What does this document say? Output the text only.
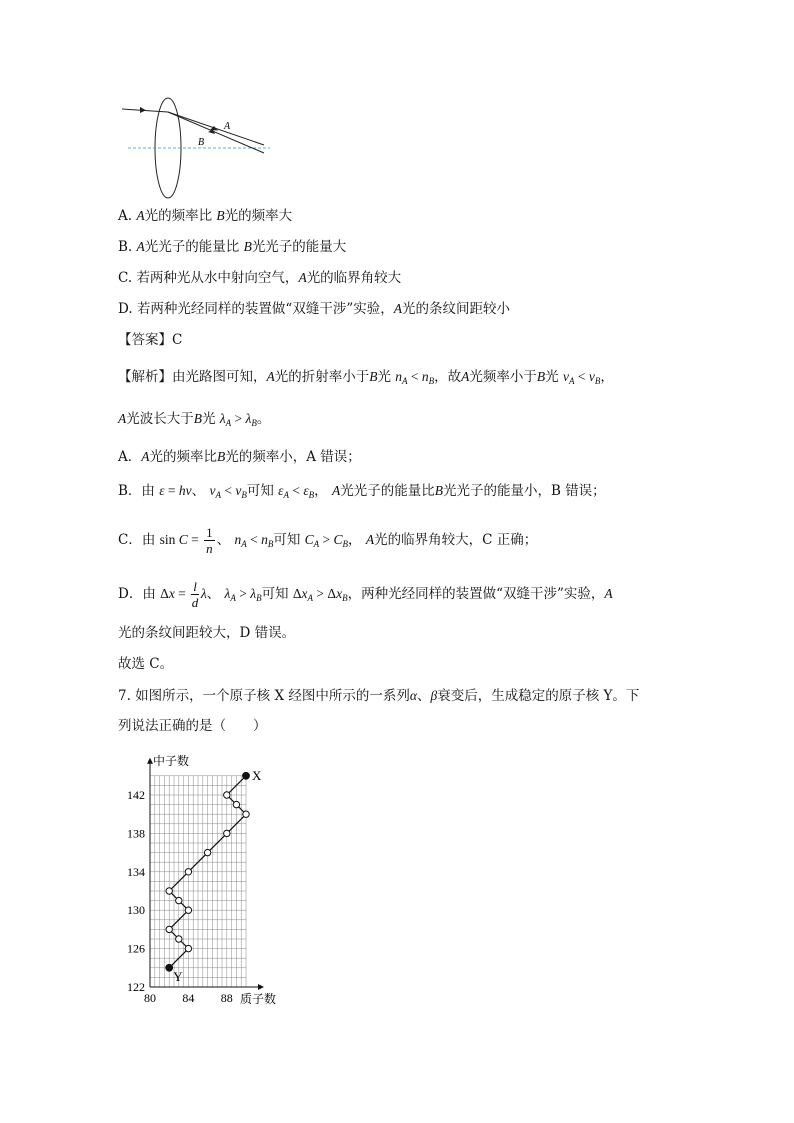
A
B
A. A光的频率比 B光的频率大
B. A光光子的能量比 B光光子的能量大
C. 若两种光从水中射向空气，A光的临界角较大
D. 若两种光经同样的装置做“双缝干涉”实验，A光的条纹间距较小
【答案】C
【解析】由光路图可知，A光的折射率小于B光 $n_A < n_B$，故A光频率小于B光 $\nu_A < \nu_B$，
A光波长大于B光 $\lambda_A > \lambda_B$。
A．A光的频率比B光的频率小，A 错误；
B．由 ε = hν、 $\nu_A < \nu_B$可知 $\varepsilon_A < \varepsilon_B$， A光光子的能量比B光光子的能量小，B 错误；
C．由 $\sin C = \frac{1}{n}$ 、 $n_A < n_B$可知 $C_A > C_B$， A光的临界角较大，C 正确；
D．由 $\Delta x = \frac{l}{d}$ λ、 $\lambda_A > \lambda_B$可知 $\Delta x_A > \Delta x_B$，两种光经同样的装置做“双缝干涉”实验，A
光的条纹间距较大，D 错误。
故选 C。
7. 如图所示，一个原子核 X 经图中所示的一系列α、β衰变后，生成稳定的原子核 Y。下
列说法正确的是（　　）
80 84 88
122
126
130
134
138
142
X
Y
中子数
质子数
